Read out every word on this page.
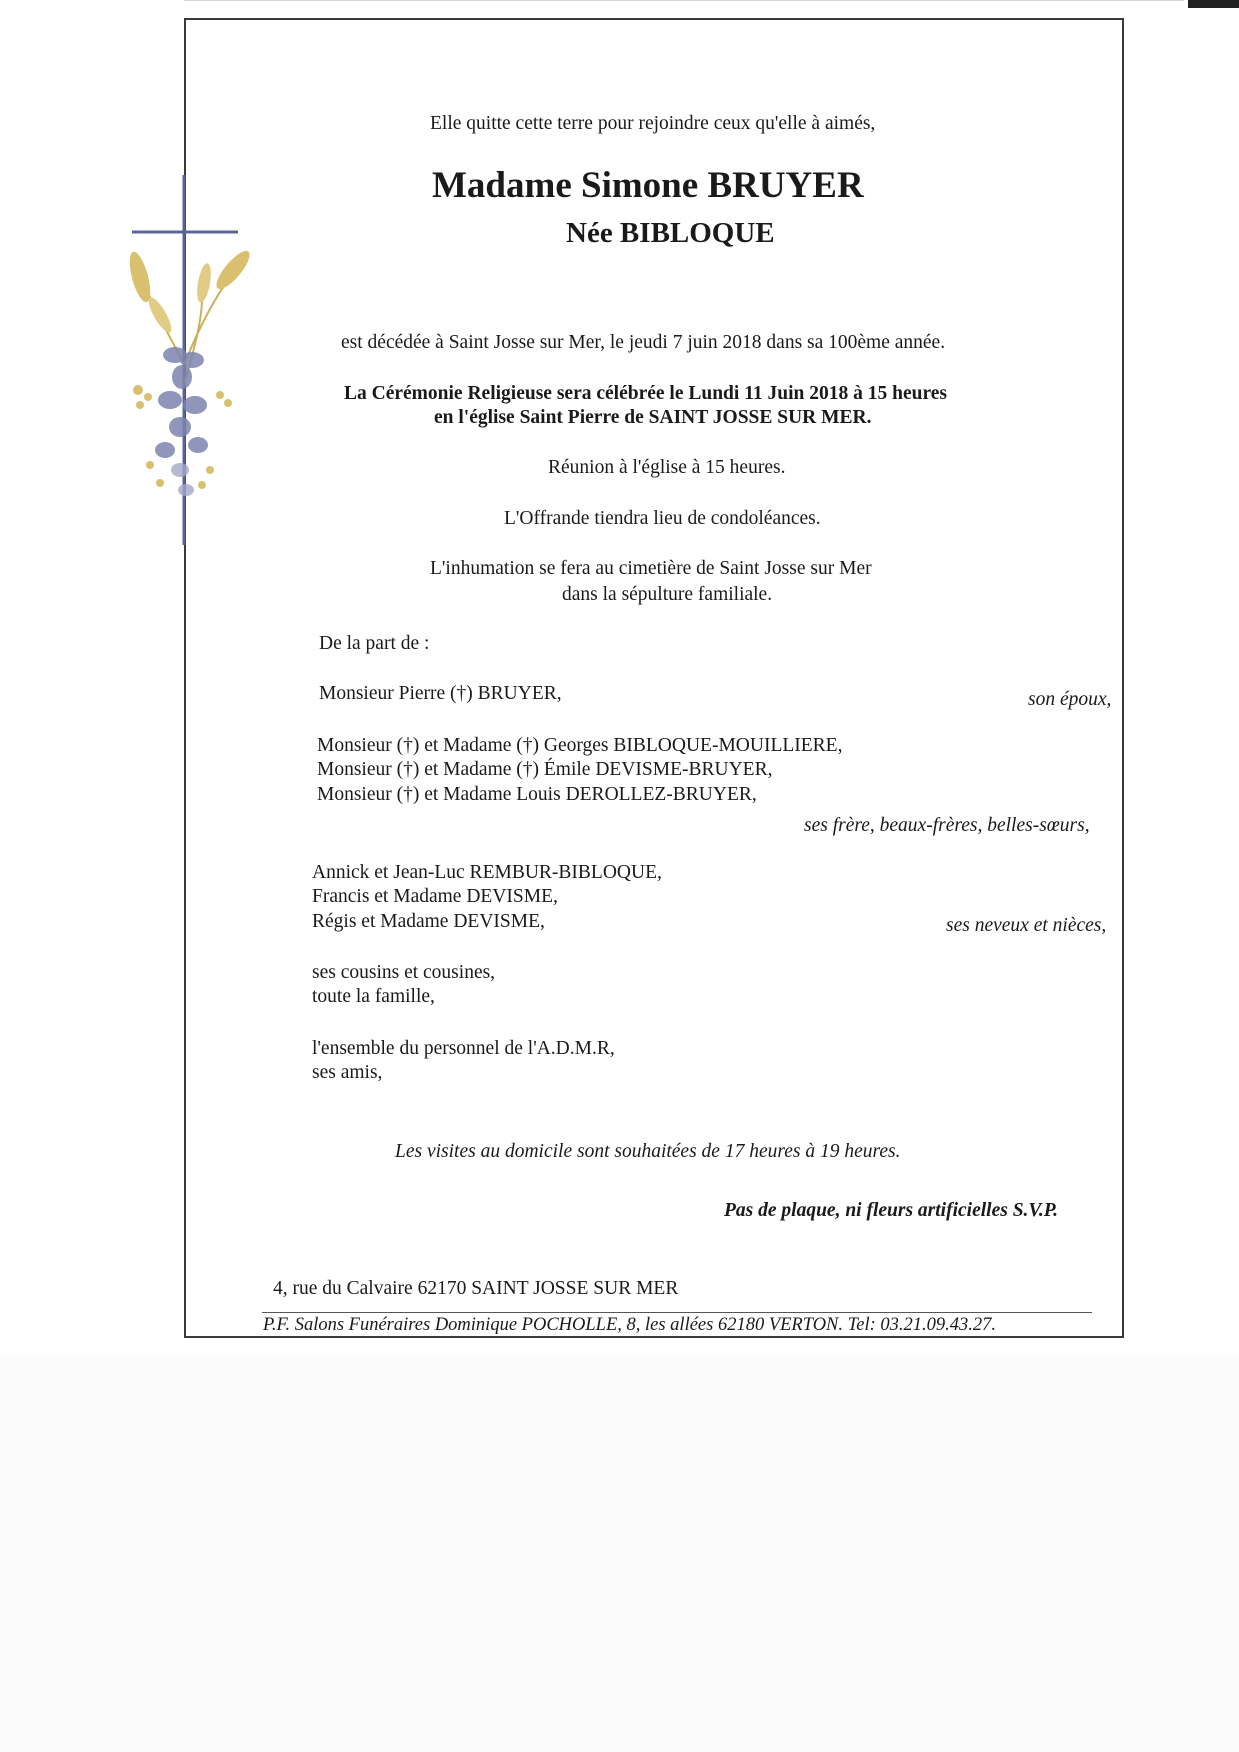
Elle quitte cette terre pour rejoindre ceux qu'elle à aimés,
Madame Simone BRUYER
Née BIBLOQUE
est décédée à Saint Josse sur Mer, le jeudi 7 juin 2018 dans sa 100ème année.
La Cérémonie Religieuse sera célébrée le Lundi 11 Juin 2018 à 15 heures
en l'église Saint Pierre de SAINT JOSSE SUR MER.
Réunion à l'église à 15 heures.
L'Offrande tiendra lieu de condoléances.
L'inhumation se fera au cimetière de Saint Josse sur Mer
dans la sépulture familiale.
De la part de :
Monsieur Pierre (†) BRUYER,	son époux,
Monsieur (†) et Madame (†) Georges BIBLOQUE-MOUILLIERE,
Monsieur (†) et Madame (†) Émile DEVISME-BRUYER,
Monsieur (†) et Madame Louis DEROLLEZ-BRUYER,
ses frère, beaux-frères, belles-sœurs,
Annick et Jean-Luc REMBUR-BIBLOQUE,
Francis et Madame DEVISME,
Régis et Madame DEVISME,	ses neveux et nièces,
ses cousins et cousines,
toute la famille,
l'ensemble du personnel de l'A.D.M.R,
ses amis,
Les visites au domicile sont souhaitées de 17 heures à 19 heures.
Pas de plaque, ni fleurs artificielles S.V.P.
4, rue du Calvaire 62170 SAINT JOSSE SUR MER
P.F. Salons Funéraires Dominique POCHOLLE, 8, les allées 62180 VERTON. Tel: 03.21.09.43.27.
